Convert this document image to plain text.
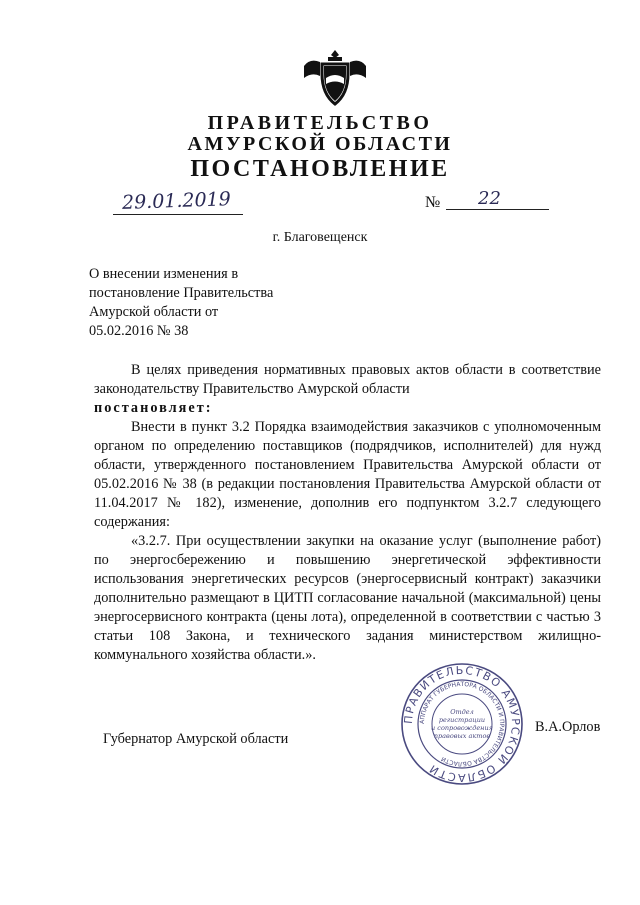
ПРАВИТЕЛЬСТВО

АМУРСКОЙ ОБЛАСТИ

ПОСТАНОВЛЕНИЕ

29.01.2019	№ 22

г. Благовещенск

О внесении изменения в
постановление Правительства
Амурской области от
05.02.2016 № 38

В целях приведения нормативных правовых актов области в соответствие законодательству Правительство Амурской области

постановляет:

Внести в пункт 3.2 Порядка взаимодействия заказчиков с уполномоченным органом по определению поставщиков (подрядчиков, исполнителей) для нужд области, утвержденного постановлением Правительства Амурской области от 05.02.2016 № 38 (в редакции постановления Правительства Амурской области от 11.04.2017 № 182), изменение, дополнив его подпунктом 3.2.7 следующего содержания:

«3.2.7. При осуществлении закупки на оказание услуг (выполнение работ) по энергосбережению и повышению энергетической эффективности использования энергетических ресурсов (энергосервисный контракт) заказчики дополнительно размещают в ЦИТП согласование начальной (максимальной) цены энергосервисного контракта (цены лота), определенной в соответствии с частью 3 статьи 108 Закона, и технического задания министерством жилищно-коммунального хозяйства области.».

Губернатор Амурской области

В.А.Орлов

ПРАВИТЕЛЬСТВО АМУРСКОЙ ОБЛАСТИ
АППАРАТ ГУБЕРНАТОРА ОБЛАСТИ И ПРАВИТЕЛЬСТВА ОБЛАСТИ
Отдел
регистрации
и сопровождения
правовых актов
